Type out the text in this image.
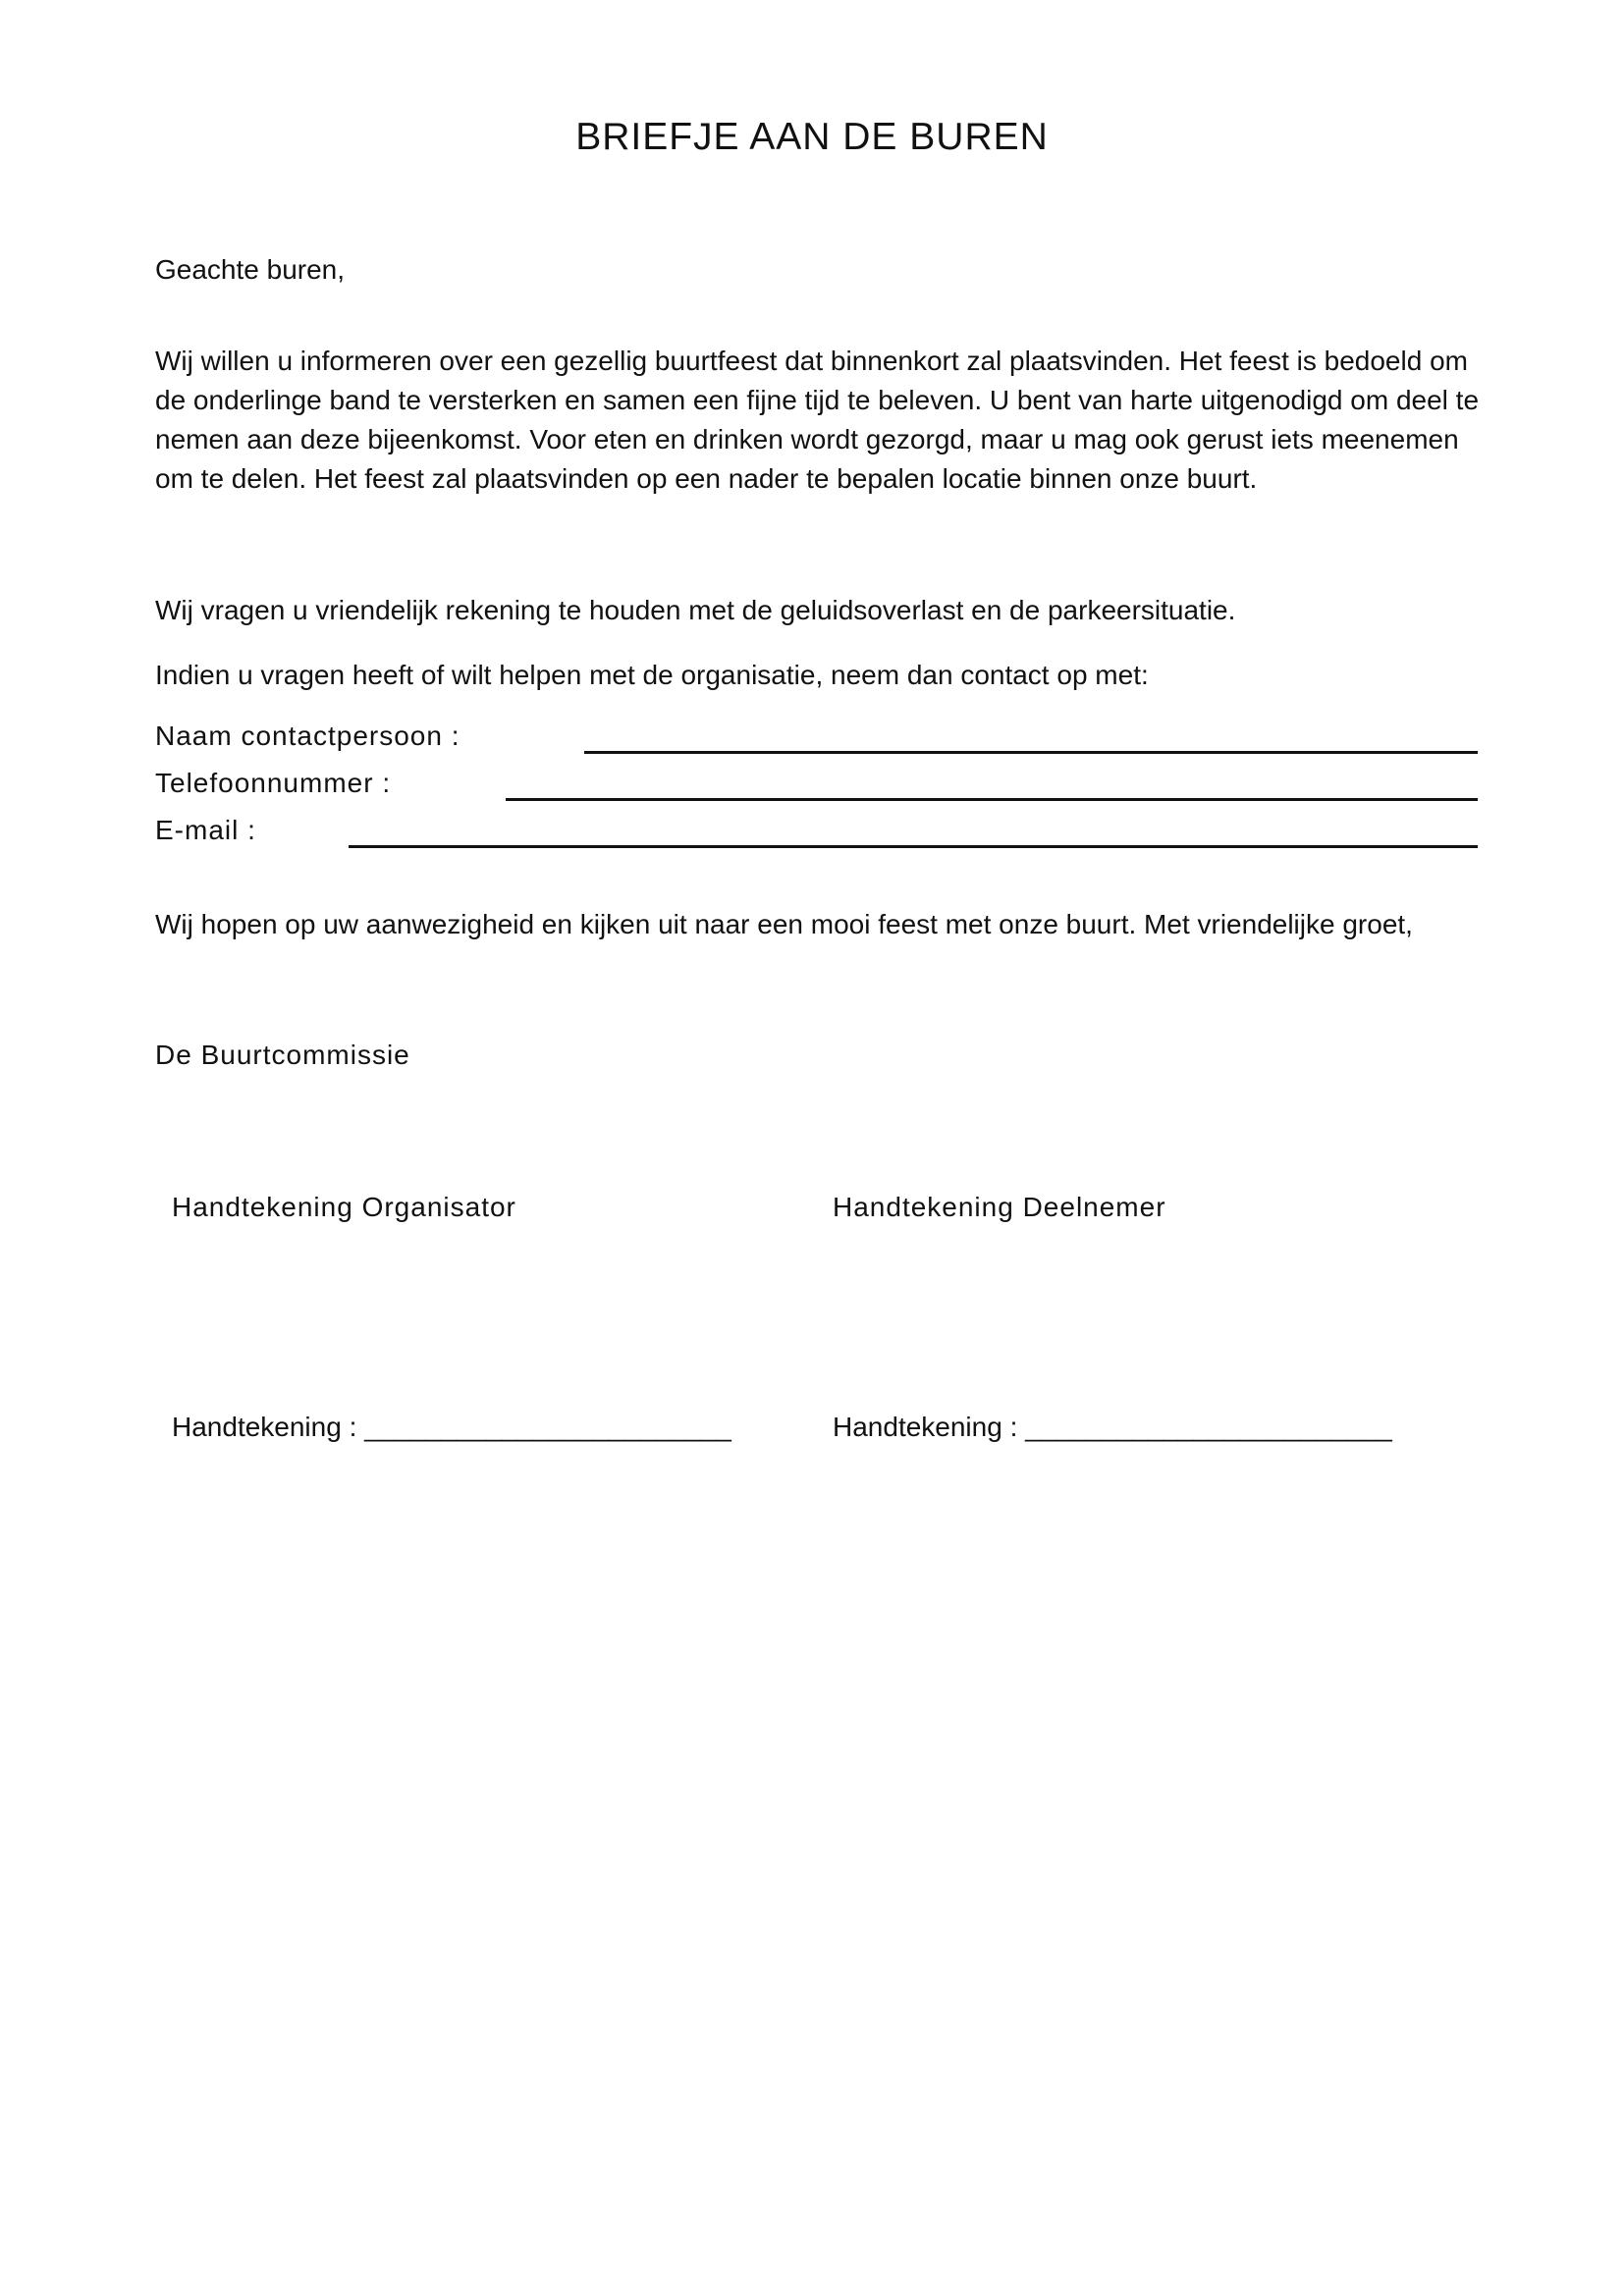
BRIEFJE AAN DE BUREN

Geachte buren,

Wij willen u informeren over een gezellig buurtfeest dat binnenkort zal plaatsvinden. Het feest is bedoeld om
de onderlinge band te versterken en samen een fijne tijd te beleven. U bent van harte uitgenodigd om deel te
nemen aan deze bijeenkomst. Voor eten en drinken wordt gezorgd, maar u mag ook gerust iets meenemen
om te delen. Het feest zal plaatsvinden op een nader te bepalen locatie binnen onze buurt.

Wij vragen u vriendelijk rekening te houden met de geluidsoverlast en de parkeersituatie.

Indien u vragen heeft of wilt helpen met de organisatie, neem dan contact op met:

Naam contactpersoon :

Telefoonnummer :

E-mail :

Wij hopen op uw aanwezigheid en kijken uit naar een mooi feest met onze buurt. Met vriendelijke groet,

De Buurtcommissie

Handtekening Organisator	Handtekening Deelnemer

Handtekening : ________________________	Handtekening : ________________________
